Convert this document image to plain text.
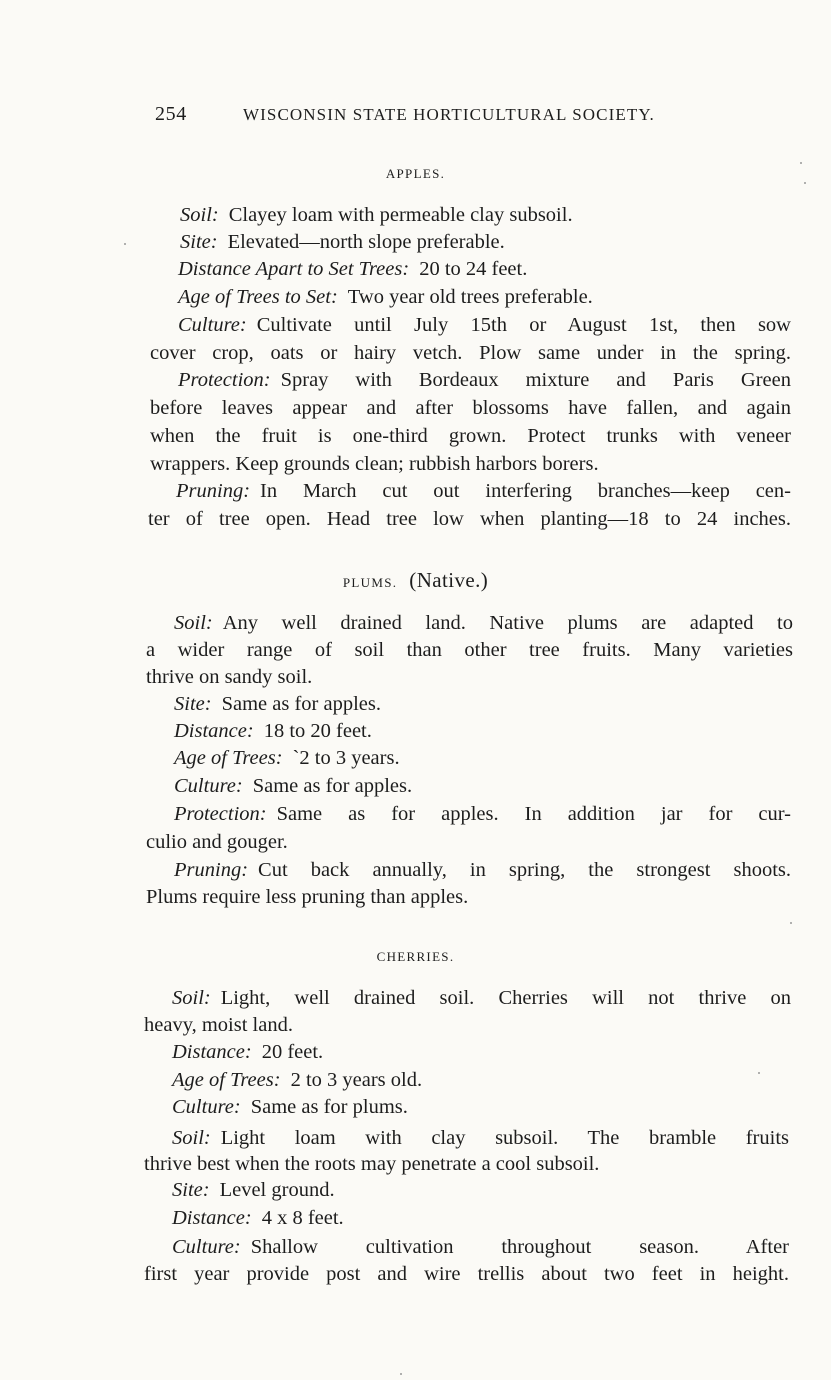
254	WISCONSIN STATE HORTICULTURAL SOCIETY.
APPLES.
Soil: Clayey loam with permeable clay subsoil.
Site: Elevated—north slope preferable.
Distance Apart to Set Trees: 20 to 24 feet.
Age of Trees to Set: Two year old trees preferable.
Culture: Cultivate until July 15th or August 1st, then sow
cover crop, oats or hairy vetch. Plow same under in the spring.
Protection: Spray with Bordeaux mixture and Paris Green
before leaves appear and after blossoms have fallen, and again
when the fruit is one-third grown. Protect trunks with veneer
wrappers. Keep grounds clean; rubbish harbors borers.
Pruning: In March cut out interfering branches—keep cen-
ter of tree open. Head tree low when planting—18 to 24 inches.
PLUMS. (Native.)
Soil: Any well drained land. Native plums are adapted to
a wider range of soil than other tree fruits. Many varieties
thrive on sandy soil.
Site: Same as for apples.
Distance: 18 to 20 feet.
Age of Trees: `2 to 3 years.
Culture: Same as for apples.
Protection: Same as for apples. In addition jar for cur-
culio and gouger.
Pruning: Cut back annually, in spring, the strongest shoots.
Plums require less pruning than apples.
CHERRIES.
Soil: Light, well drained soil. Cherries will not thrive on
heavy, moist land.
Distance: 20 feet.
Age of Trees: 2 to 3 years old.
Culture: Same as for plums.
Soil: Light loam with clay subsoil. The bramble fruits
thrive best when the roots may penetrate a cool subsoil.
Site: Level ground.
Distance: 4 x 8 feet.
Culture: Shallow cultivation throughout season. After
first year provide post and wire trellis about two feet in height.
